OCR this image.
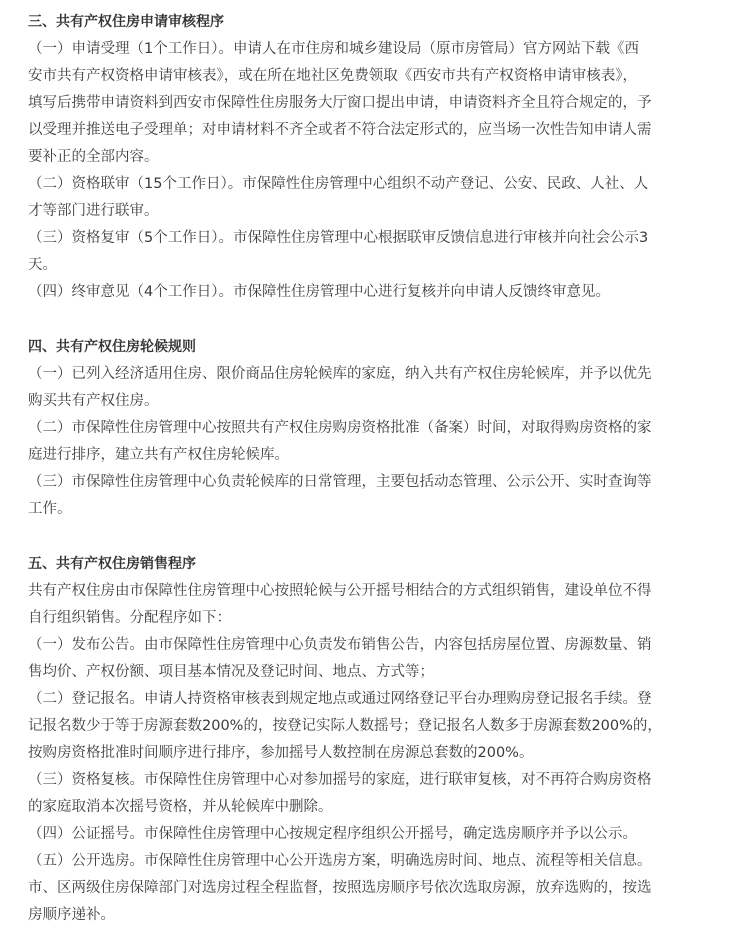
三、共有产权住房申请审核程序
（一）申请受理（1个工作日）。申请人在市住房和城乡建设局（原市房管局）官方网站下载《西
安市共有产权资格申请审核表》，或在所在地社区免费领取《西安市共有产权资格申请审核表》，
填写后携带申请资料到西安市保障性住房服务大厅窗口提出申请，申请资料齐全且符合规定的，予
以受理并推送电子受理单；对申请材料不齐全或者不符合法定形式的，应当场一次性告知申请人需
要补正的全部内容。
（二）资格联审（15个工作日）。市保障性住房管理中心组织不动产登记、公安、民政、人社、人
才等部门进行联审。
（三）资格复审（5个工作日）。市保障性住房管理中心根据联审反馈信息进行审核并向社会公示3
天。
（四）终审意见（4个工作日）。市保障性住房管理中心进行复核并向申请人反馈终审意见。
四、共有产权住房轮候规则
（一）已列入经济适用住房、限价商品住房轮候库的家庭，纳入共有产权住房轮候库，并予以优先
购买共有产权住房。
（二）市保障性住房管理中心按照共有产权住房购房资格批准（备案）时间，对取得购房资格的家
庭进行排序，建立共有产权住房轮候库。
（三）市保障性住房管理中心负责轮候库的日常管理，主要包括动态管理、公示公开、实时查询等
工作。
五、共有产权住房销售程序
共有产权住房由市保障性住房管理中心按照轮候与公开摇号相结合的方式组织销售，建设单位不得
自行组织销售。分配程序如下：
（一）发布公告。由市保障性住房管理中心负责发布销售公告，内容包括房屋位置、房源数量、销
售均价、产权份额、项目基本情况及登记时间、地点、方式等；
（二）登记报名。申请人持资格审核表到规定地点或通过网络登记平台办理购房登记报名手续。登
记报名数少于等于房源套数200%的，按登记实际人数摇号；登记报名人数多于房源套数200%的，
按购房资格批准时间顺序进行排序，参加摇号人数控制在房源总套数的200%。
（三）资格复核。市保障性住房管理中心对参加摇号的家庭，进行联审复核，对不再符合购房资格
的家庭取消本次摇号资格，并从轮候库中删除。
（四）公证摇号。市保障性住房管理中心按规定程序组织公开摇号，确定选房顺序并予以公示。
（五）公开选房。市保障性住房管理中心公开选房方案，明确选房时间、地点、流程等相关信息。
市、区两级住房保障部门对选房过程全程监督，按照选房顺序号依次选取房源，放弃选购的，按选
房顺序递补。
